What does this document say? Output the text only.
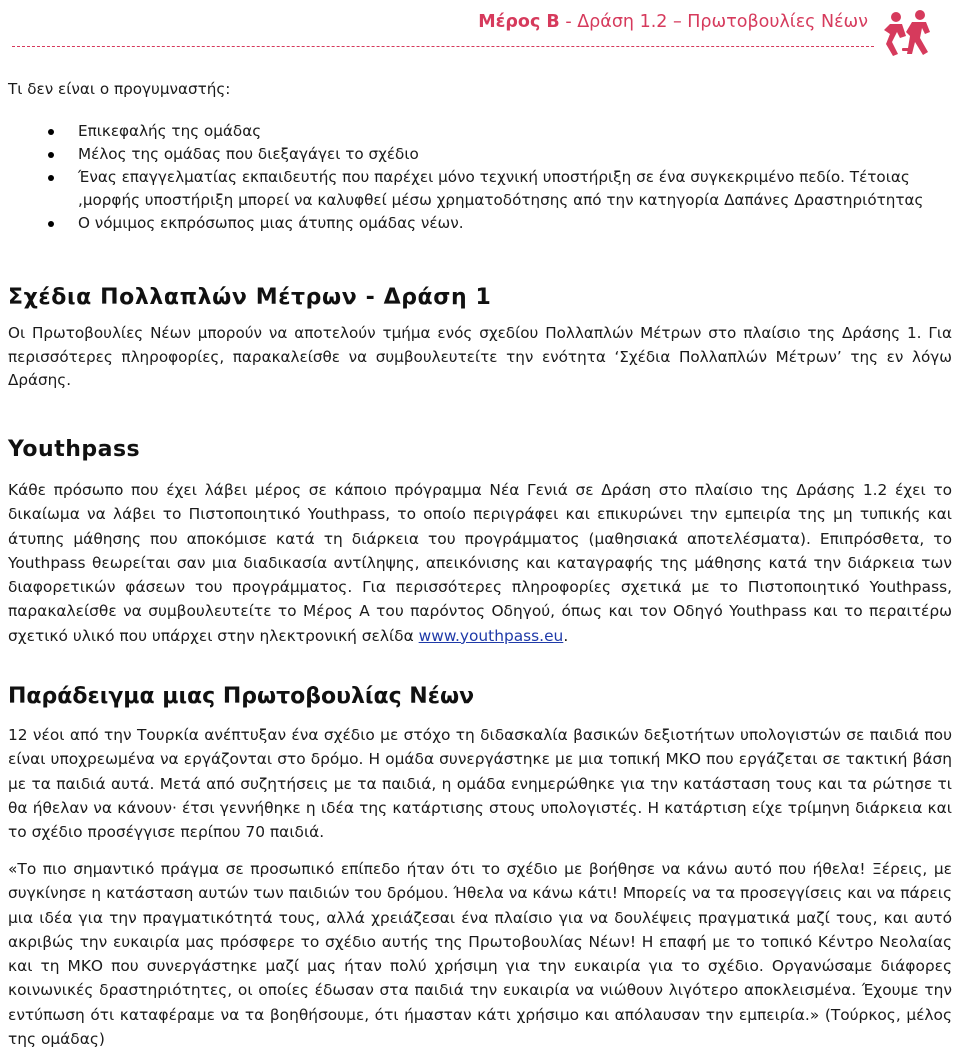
Μέρος Β - Δράση 1.2 – Πρωτοβουλίες Νέων
Τι δεν είναι ο προγυμναστής:
Επικεφαλής της ομάδας
Μέλος της ομάδας που διεξαγάγει το σχέδιο
Ένας επαγγελματίας εκπαιδευτής που παρέχει μόνο τεχνική υποστήριξη σε ένα συγκεκριμένο πεδίο. Τέτοιας ,μορφής υποστήριξη μπορεί να καλυφθεί μέσω χρηματοδότησης από την κατηγορία Δαπάνες Δραστηριότητας
Ο νόμιμος εκπρόσωπος μιας άτυπης ομάδας νέων.
Σχέδια Πολλαπλών Μέτρων - Δράση 1

Οι Πρωτοβουλίες Νέων μπορούν να αποτελούν τμήμα ενός σχεδίου Πολλαπλών Μέτρων στο πλαίσιο της Δράσης 1. Για περισσότερες πληροφορίες, παρακαλείσθε να συμβουλευτείτε την ενότητα ‘Σχέδια Πολλαπλών Μέτρων’ της εν λόγω Δράσης.

Youthpass

Κάθε πρόσωπο που έχει λάβει μέρος σε κάποιο πρόγραμμα Νέα Γενιά σε Δράση στο πλαίσιο της Δράσης 1.2 έχει το δικαίωμα να λάβει το Πιστοποιητικό Youthpass, το οποίο περιγράφει και επικυρώνει την εμπειρία της μη τυπικής και άτυπης μάθησης που αποκόμισε κατά τη διάρκεια του προγράμματος (μαθησιακά αποτελέσματα). Επιπρόσθετα, το Youthpass θεωρείται σαν μια διαδικασία αντίληψης, απεικόνισης και καταγραφής της μάθησης κατά την διάρκεια των διαφορετικών φάσεων του προγράμματος. Για περισσότερες πληροφορίες σχετικά με το Πιστοποιητικό Youthpass, παρακαλείσθε να συμβουλευτείτε το Μέρος Α του παρόντος Οδηγού, όπως και τον Οδηγό Youthpass και το περαιτέρω σχετικό υλικό που υπάρχει στην ηλεκτρονική σελίδα www.youthpass.eu.

Παράδειγμα μιας Πρωτοβουλίας Νέων

12 νέοι από την Τουρκία ανέπτυξαν ένα σχέδιο με στόχο τη διδασκαλία βασικών δεξιοτήτων υπολογιστών σε παιδιά που είναι υποχρεωμένα να εργάζονται στο δρόμο. Η ομάδα συνεργάστηκε με μια τοπική ΜΚΟ που εργάζεται σε τακτική βάση με τα παιδιά αυτά. Μετά από συζητήσεις με τα παιδιά, η ομάδα ενημερώθηκε για την κατάσταση τους και τα ρώτησε τι θα ήθελαν να κάνουν· έτσι γεννήθηκε η ιδέα της κατάρτισης στους υπολογιστές. Η κατάρτιση είχε τρίμηνη διάρκεια και το σχέδιο προσέγγισε περίπου 70 παιδιά.

«Το πιο σημαντικό πράγμα σε προσωπικό επίπεδο ήταν ότι το σχέδιο με βοήθησε να κάνω αυτό που ήθελα! Ξέρεις, με συγκίνησε η κατάσταση αυτών των παιδιών του δρόμου. Ήθελα να κάνω κάτι! Μπορείς να τα προσεγγίσεις και να πάρεις μια ιδέα για την πραγματικότητά τους, αλλά χρειάζεσαι ένα πλαίσιο για να δουλέψεις πραγματικά μαζί τους, και αυτό ακριβώς την ευκαιρία μας πρόσφερε το σχέδιο αυτής της Πρωτοβουλίας Νέων! Η επαφή με το τοπικό Κέντρο Νεολαίας και τη ΜΚΟ που συνεργάστηκε μαζί μας ήταν πολύ χρήσιμη για την ευκαιρία για το σχέδιο. Οργανώσαμε διάφορες κοινωνικές δραστηριότητες, οι οποίες έδωσαν στα παιδιά την ευκαιρία να νιώθουν λιγότερο αποκλεισμένα. Έχουμε την εντύπωση ότι καταφέραμε να τα βοηθήσουμε, ότι ήμασταν κάτι χρήσιμο και απόλαυσαν την εμπειρία.» (Τούρκος, μέλος της ομάδας)
